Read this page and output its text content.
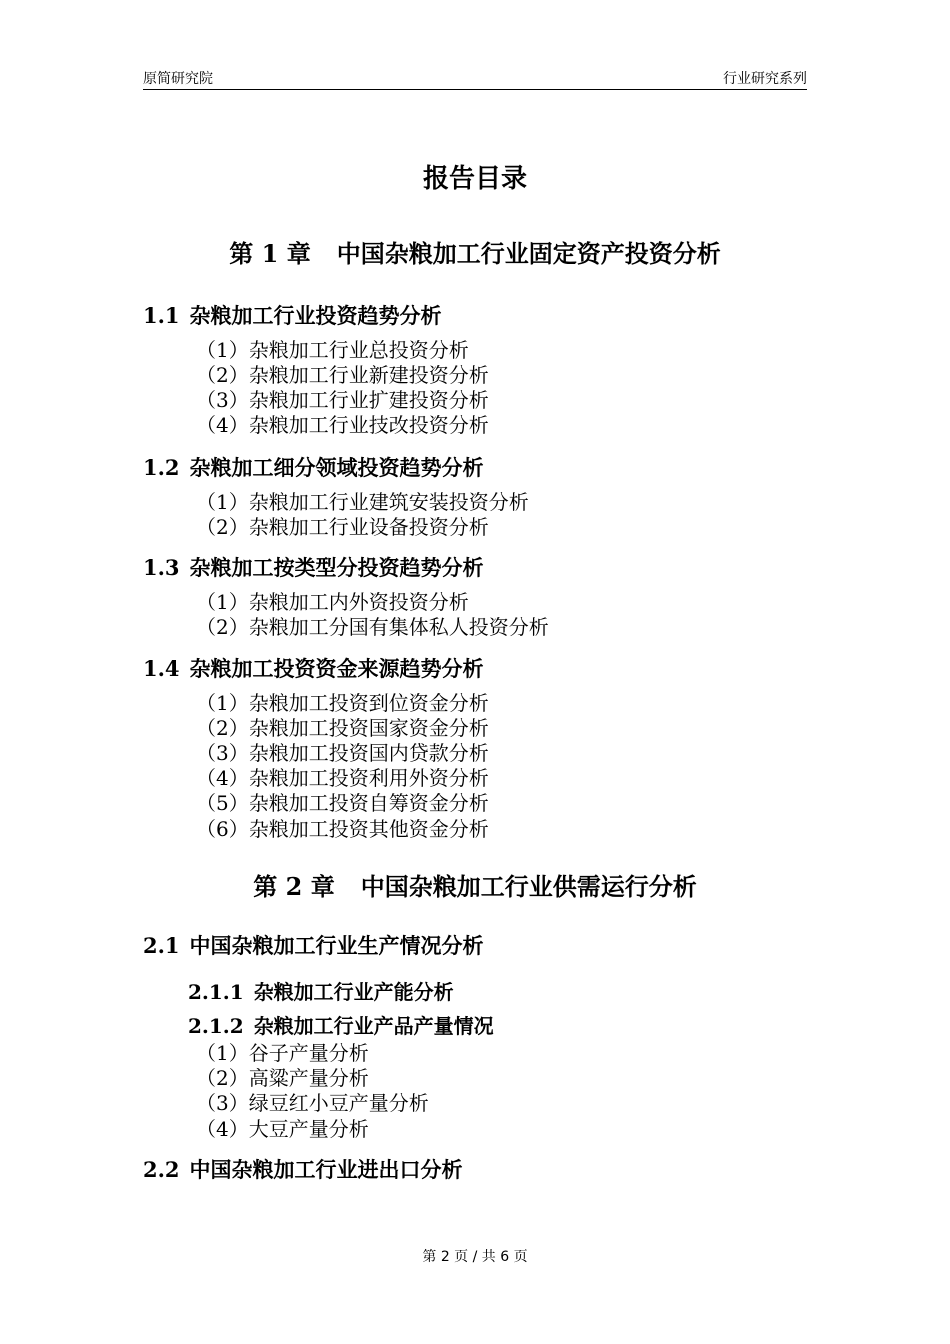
原简研究院	行业研究系列
报告目录
第 1 章 中国杂粮加工行业固定资产投资分析
1.1 杂粮加工行业投资趋势分析
（1）杂粮加工行业总投资分析
（2）杂粮加工行业新建投资分析
（3）杂粮加工行业扩建投资分析
（4）杂粮加工行业技改投资分析
1.2 杂粮加工细分领域投资趋势分析
（1）杂粮加工行业建筑安装投资分析
（2）杂粮加工行业设备投资分析
1.3 杂粮加工按类型分投资趋势分析
（1）杂粮加工内外资投资分析
（2）杂粮加工分国有集体私人投资分析
1.4 杂粮加工投资资金来源趋势分析
（1）杂粮加工投资到位资金分析
（2）杂粮加工投资国家资金分析
（3）杂粮加工投资国内贷款分析
（4）杂粮加工投资利用外资分析
（5）杂粮加工投资自筹资金分析
（6）杂粮加工投资其他资金分析
第 2 章 中国杂粮加工行业供需运行分析
2.1 中国杂粮加工行业生产情况分析
2.1.1 杂粮加工行业产能分析
2.1.2 杂粮加工行业产品产量情况
（1）谷子产量分析
（2）高粱产量分析
（3）绿豆红小豆产量分析
（4）大豆产量分析
2.2 中国杂粮加工行业进出口分析
第 2 页 / 共 6 页
